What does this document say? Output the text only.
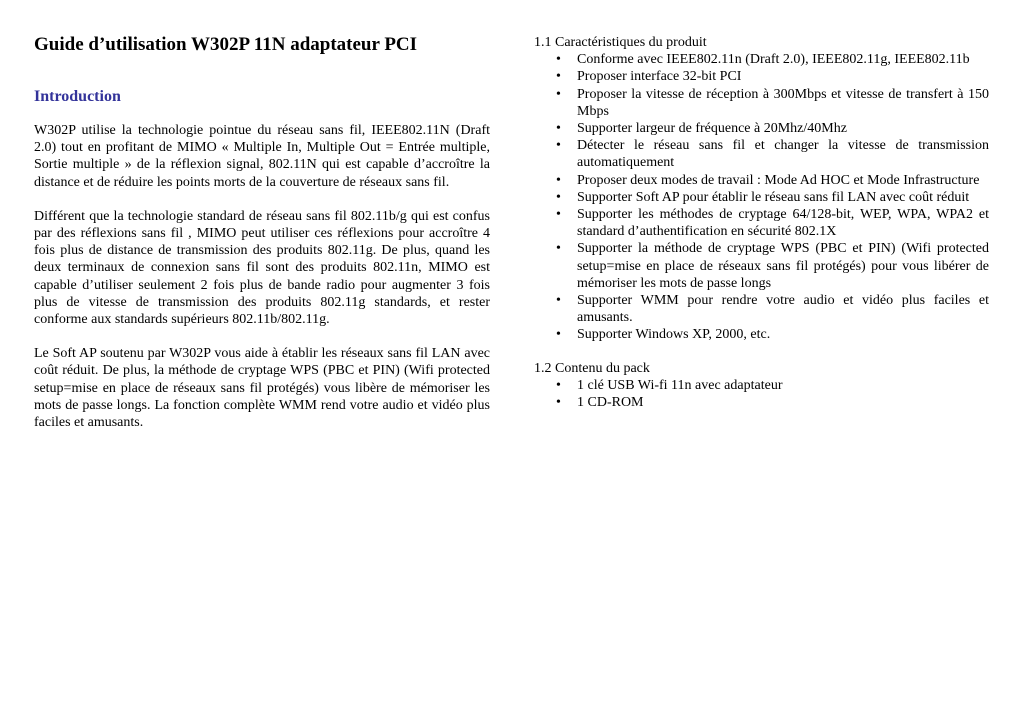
Guide d’utilisation W302P 11N adaptateur PCI
Introduction

W302P utilise la technologie pointue du réseau sans fil, IEEE802.11N (Draft 2.0) tout en profitant de MIMO « Multiple In, Multiple Out = Entrée multiple, Sortie multiple » de la réflexion signal, 802.11N qui est capable d’accroître la distance et de réduire les points morts de la couverture de réseaux sans fil.

Différent que la technologie standard de réseau sans fil 802.11b/g qui est confus par des réflexions sans fil , MIMO peut utiliser ces réflexions pour accroître 4 fois plus de distance de transmission des produits 802.11g. De plus, quand les deux terminaux de connexion sans fil sont des produits 802.11n, MIMO est capable d’utiliser seulement 2 fois plus de bande radio pour augmenter 3 fois plus de vitesse de transmission des produits 802.11g standards, et rester conforme aux standards supérieurs 802.11b/802.11g.

Le Soft AP soutenu par W302P vous aide à établir les réseaux sans fil LAN avec coût réduit. De plus, la méthode de cryptage WPS (PBC et PIN) (Wifi protected setup=mise en place de réseaux sans fil protégés) vous libère de mémoriser les mots de passe longs. La fonction complète WMM rend votre audio et vidéo plus faciles et amusants.

1.1 Caractéristiques du produit
• Conforme avec IEEE802.11n (Draft 2.0), IEEE802.11g, IEEE802.11b
• Proposer interface 32-bit PCI
• Proposer la vitesse de réception à 300Mbps et vitesse de transfert à 150 Mbps
• Supporter largeur de fréquence à 20Mhz/40Mhz
• Détecter le réseau sans fil et changer la vitesse de transmission automatiquement
• Proposer deux modes de travail : Mode Ad HOC et Mode Infrastructure
• Supporter Soft AP pour établir le réseau sans fil LAN avec coût réduit
• Supporter les méthodes de cryptage 64/128-bit, WEP, WPA, WPA2 et standard d’authentification en sécurité 802.1X
• Supporter la méthode de cryptage WPS (PBC et PIN) (Wifi protected setup=mise en place de réseaux sans fil protégés) pour vous libérer de mémoriser les mots de passe longs
• Supporter WMM pour rendre votre audio et vidéo plus faciles et amusants.
• Supporter Windows XP, 2000, etc.
1.2 Contenu du pack
• 1 clé USB Wi-fi 11n avec adaptateur
• 1 CD-ROM
